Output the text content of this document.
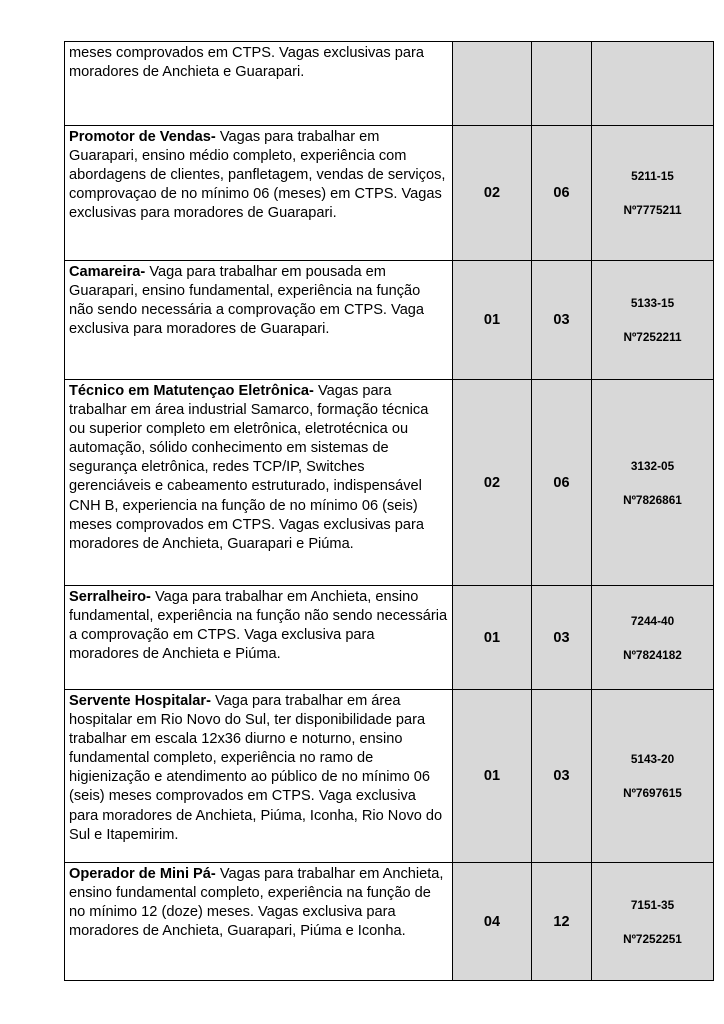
meses comprovados em CTPS. Vagas exclusivas para moradores de Anchieta e Guarapari.			

Promotor de Vendas- Vagas para trabalhar em Guarapari, ensino médio completo, experiência com abordagens de clientes, panfletagem, vendas de serviços, comprovaçao de no mínimo 06 (meses) em CTPS. Vagas exclusivas para moradores de Guarapari.	02	06	5211-15
Nº7775211

Camareira- Vaga para trabalhar em pousada em Guarapari, ensino fundamental, experiência na função não sendo necessária a comprovação em CTPS. Vaga exclusiva para moradores de Guarapari.	01	03	5133-15
Nº7252211

Técnico em Matutençao Eletrônica- Vagas para trabalhar em área industrial Samarco, formação técnica ou superior completo em eletrônica, eletrotécnica ou automação, sólido conhecimento em sistemas de segurança eletrônica, redes TCP/IP, Switches gerenciáveis e cabeamento estruturado, indispensável CNH B, experiencia na função de no mínimo 06 (seis) meses comprovados em CTPS. Vagas exclusivas para moradores de Anchieta, Guarapari e Piúma.	02	06	3132-05
Nº7826861

Serralheiro- Vaga para trabalhar em Anchieta, ensino fundamental, experiência na função não sendo necessária a comprovação em CTPS. Vaga exclusiva para moradores de Anchieta e Piúma.	01	03	7244-40
Nº7824182

Servente Hospitalar- Vaga para trabalhar em área hospitalar em Rio Novo do Sul, ter disponibilidade para trabalhar em escala 12x36 diurno e noturno, ensino fundamental completo, experiência no ramo de higienização e atendimento ao público de no mínimo 06 (seis) meses comprovados em CTPS. Vaga exclusiva para moradores de Anchieta, Piúma, Iconha, Rio Novo do Sul e Itapemirim.	01	03	5143-20
Nº7697615

Operador de Mini Pá- Vagas para trabalhar em Anchieta, ensino fundamental completo, experiência na função de no mínimo 12 (doze) meses. Vagas exclusiva para moradores de Anchieta, Guarapari, Piúma e Iconha.	04	12	7151-35
Nº7252251
